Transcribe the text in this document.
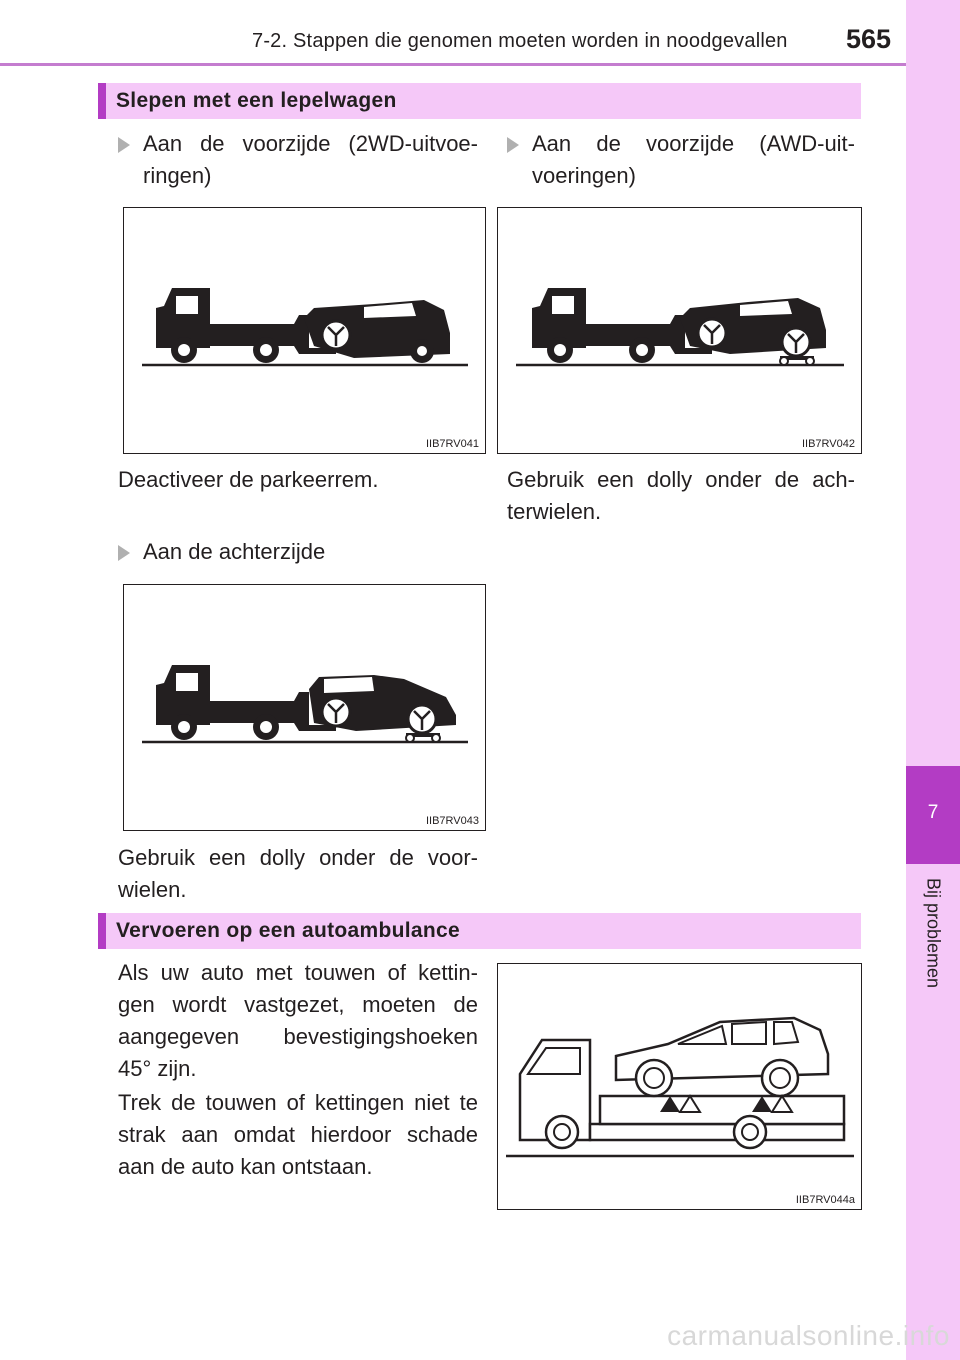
7-2. Stappen die genomen moeten worden in noodgevallen 565
7
Bij problemen
Slepen met een lepelwagen
Aan de voorzijde (2WD-uitvoe-ringen)
IIB7RV041
Deactiveer de parkeerrem.
Aan de voorzijde (AWD-uit-voeringen)
IIB7RV042
Gebruik een dolly onder de ach-terwielen.
Aan de achterzijde
IIB7RV043
Gebruik een dolly onder de voor-wielen.
Vervoeren op een autoambulance
Als uw auto met touwen of kettin-gen wordt vastgezet, moeten de aangegeven bevestigingshoeken 45° zijn.
Trek de touwen of kettingen niet te strak aan omdat hierdoor schade aan de auto kan ontstaan.
IIB7RV044a
carmanualsonline.info
